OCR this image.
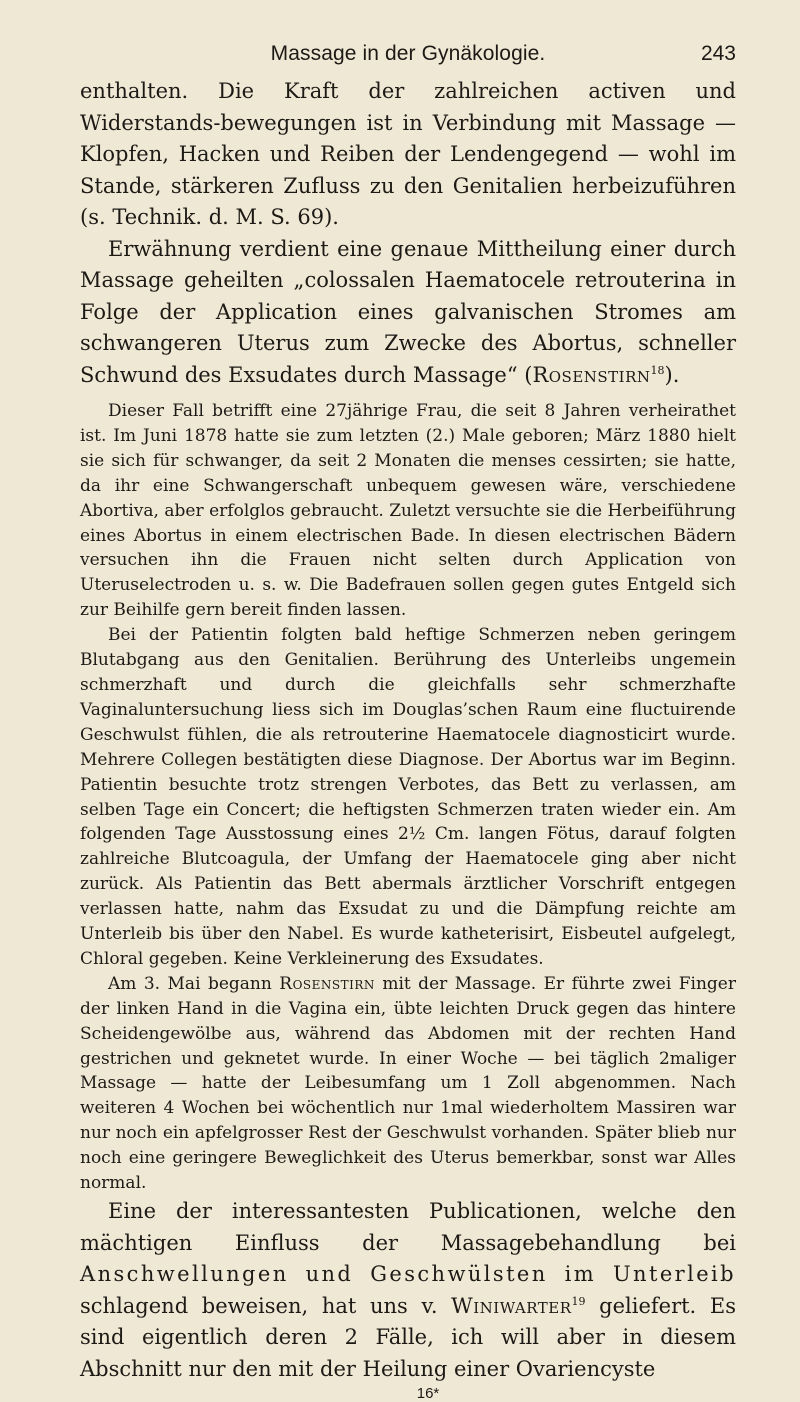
Massage in der Gynäkologie.	243

enthalten. Die Kraft der zahlreichen activen und Widerstands-bewegungen ist in Verbindung mit Massage — Klopfen, Hacken und Reiben der Lendengegend — wohl im Stande, stärkeren Zufluss zu den Genitalien herbeizuführen (s. Technik. d. M. S. 69).

Erwähnung verdient eine genaue Mittheilung einer durch Massage geheilten „colossalen Haematocele retrouterina in Folge der Application eines galvanischen Stromes am schwangeren Uterus zum Zwecke des Abortus, schneller Schwund des Exsudates durch Massage“ (Rosenstirn$^{18}$).

Dieser Fall betrifft eine 27jährige Frau, die seit 8 Jahren verheirathet ist. Im Juni 1878 hatte sie zum letzten (2.) Male geboren; März 1880 hielt sie sich für schwanger, da seit 2 Monaten die menses cessirten; sie hatte, da ihr eine Schwangerschaft unbequem gewesen wäre, verschiedene Abortiva, aber erfolglos gebraucht. Zuletzt versuchte sie die Herbeiführung eines Abortus in einem electrischen Bade. In diesen electrischen Bädern versuchen ihn die Frauen nicht selten durch Application von Uteruselectroden u. s. w. Die Badefrauen sollen gegen gutes Entgeld sich zur Beihilfe gern bereit finden lassen.

Bei der Patientin folgten bald heftige Schmerzen neben geringem Blutabgang aus den Genitalien. Berührung des Unterleibs ungemein schmerzhaft und durch die gleichfalls sehr schmerzhafte Vaginaluntersuchung liess sich im Douglas’schen Raum eine fluctuirende Geschwulst fühlen, die als retrouterine Haematocele diagnosticirt wurde. Mehrere Collegen bestätigten diese Diagnose. Der Abortus war im Beginn. Patientin besuchte trotz strengen Verbotes, das Bett zu verlassen, am selben Tage ein Concert; die heftigsten Schmerzen traten wieder ein. Am folgenden Tage Ausstossung eines 2½ Cm. langen Fötus, darauf folgten zahlreiche Blutcoagula, der Umfang der Haematocele ging aber nicht zurück. Als Patientin das Bett abermals ärztlicher Vorschrift entgegen verlassen hatte, nahm das Exsudat zu und die Dämpfung reichte am Unterleib bis über den Nabel. Es wurde katheterisirt, Eisbeutel aufgelegt, Chloral gegeben. Keine Verkleinerung des Exsudates.

Am 3. Mai begann Rosenstirn mit der Massage. Er führte zwei Finger der linken Hand in die Vagina ein, übte leichten Druck gegen das hintere Scheidengewölbe aus, während das Abdomen mit der rechten Hand gestrichen und geknetet wurde. In einer Woche — bei täglich 2maliger Massage — hatte der Leibesumfang um 1 Zoll abgenommen. Nach weiteren 4 Wochen bei wöchentlich nur 1mal wiederholtem Massiren war nur noch ein apfelgrosser Rest der Geschwulst vorhanden. Später blieb nur noch eine geringere Beweglichkeit des Uterus bemerkbar, sonst war Alles normal.

Eine der interessantesten Publicationen, welche den mächtigen Einfluss der Massagebehandlung bei Anschwellungen und Geschwülsten im Unterleib schlagend beweisen, hat uns v. Winiwarter$^{19}$ geliefert. Es sind eigentlich deren 2 Fälle, ich will aber in diesem Abschnitt nur den mit der Heilung einer Ovariencyste

16*
